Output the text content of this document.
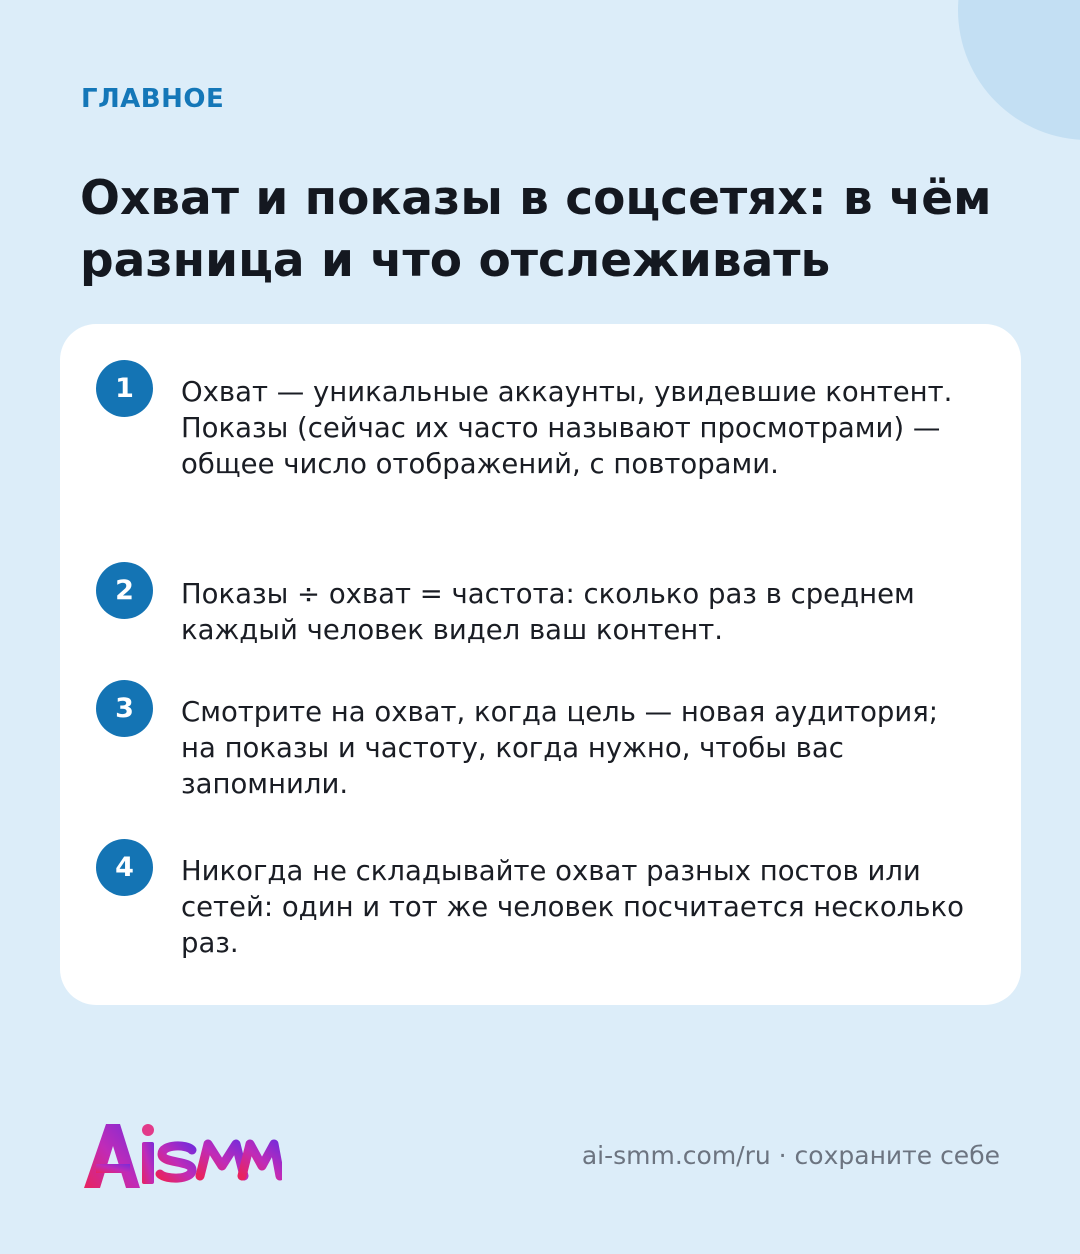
ГЛАВНОЕ
Охват и показы в соцсетях: в чём разница и что отслеживать
1	Охват — уникальные аккаунты, увидевшие контент. Показы (сейчас их часто называют просмотрами) — общее число отображений, с повторами.

2	Показы ÷ охват = частота: сколько раз в среднем каждый человек видел ваш контент.

3	Смотрите на охват, когда цель — новая аудитория; на показы и частоту, когда нужно, чтобы вас запомнили.

4	Никогда не складывайте охват разных постов или сетей: один и тот же человек посчитается несколько раз.

ai-smm.com/ru · сохраните себе
